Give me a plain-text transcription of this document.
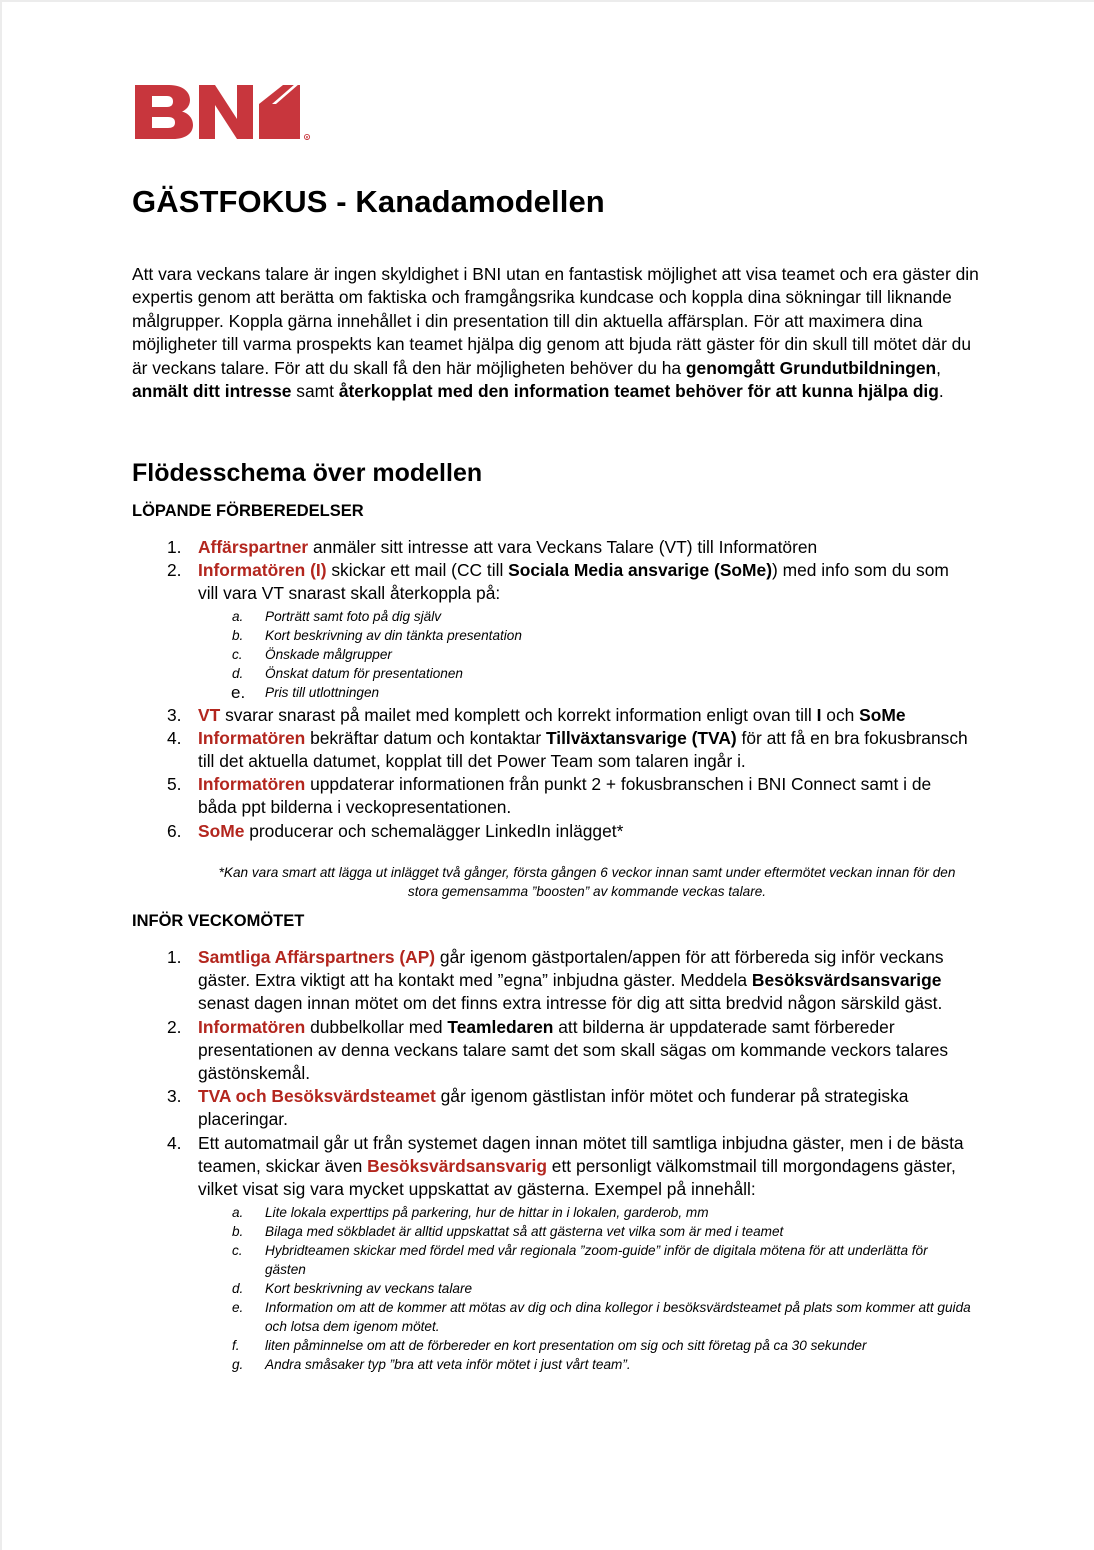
R
GÄSTFOKUS - Kanadamodellen

Att vara veckans talare är ingen skyldighet i BNI utan en fantastisk möjlighet att visa teamet och era gäster din expertis genom att berätta om faktiska och framgångsrika kundcase och koppla dina sökningar till liknande målgrupper. Koppla gärna innehållet i din presentation till din aktuella affärsplan. För att maximera dina möjligheter till varma prospekts kan teamet hjälpa dig genom att bjuda rätt gäster för din skull till mötet där du är veckans talare. För att du skall få den här möjligheten behöver du ha genomgått Grundutbildningen, anmält ditt intresse samt återkopplat med den information teamet behöver för att kunna hjälpa dig.

Flödesschema över modellen
LÖPANDE FÖRBEREDELSER
1. Affärspartner anmäler sitt intresse att vara Veckans Talare (VT) till Informatören
2. Informatören (I) skickar ett mail (CC till Sociala Media ansvarige (SoMe)) med info som du som vill vara VT snarast skall återkoppla på:
a. Porträtt samt foto på dig själv
b. Kort beskrivning av din tänkta presentation
c. Önskade målgrupper
d. Önskat datum för presentationen
e. Pris till utlottningen
3. VT svarar snarast på mailet med komplett och korrekt information enligt ovan till I och SoMe
4. Informatören bekräftar datum och kontaktar Tillväxtansvarige (TVA) för att få en bra fokusbransch till det aktuella datumet, kopplat till det Power Team som talaren ingår i.
5. Informatören uppdaterar informationen från punkt 2 + fokusbranschen i BNI Connect samt i de båda ppt bilderna i veckopresentationen.
6. SoMe producerar och schemalägger LinkedIn inlägget*

*Kan vara smart att lägga ut inlägget två gånger, första gången 6 veckor innan samt under eftermötet veckan innan för den stora gemensamma ”boosten” av kommande veckas talare.

INFÖR VECKOMÖTET
1. Samtliga Affärspartners (AP) går igenom gästportalen/appen för att förbereda sig inför veckans gäster. Extra viktigt att ha kontakt med ”egna” inbjudna gäster. Meddela Besöksvärdsansvarige senast dagen innan mötet om det finns extra intresse för dig att sitta bredvid någon särskild gäst.
2. Informatören dubbelkollar med Teamledaren att bilderna är uppdaterade samt förbereder presentationen av denna veckans talare samt det som skall sägas om kommande veckors talares gästönskemål.
3. TVA och Besöksvärdsteamet går igenom gästlistan inför mötet och funderar på strategiska placeringar.
4. Ett automatmail går ut från systemet dagen innan mötet till samtliga inbjudna gäster, men i de bästa teamen, skickar även Besöksvärdsansvarig ett personligt välkomstmail till morgondagens gäster, vilket visat sig vara mycket uppskattat av gästerna. Exempel på innehåll:
a. Lite lokala experttips på parkering, hur de hittar in i lokalen, garderob, mm
b. Bilaga med sökbladet är alltid uppskattat så att gästerna vet vilka som är med i teamet
c. Hybridteamen skickar med fördel med vår regionala ”zoom-guide” inför de digitala mötena för att underlätta för gästen
d. Kort beskrivning av veckans talare
e. Information om att de kommer att mötas av dig och dina kollegor i besöksvärdsteamet på plats som kommer att guida och lotsa dem igenom mötet.
f. liten påminnelse om att de förbereder en kort presentation om sig och sitt företag på ca 30 sekunder
g. Andra småsaker typ ”bra att veta inför mötet i just vårt team”.
